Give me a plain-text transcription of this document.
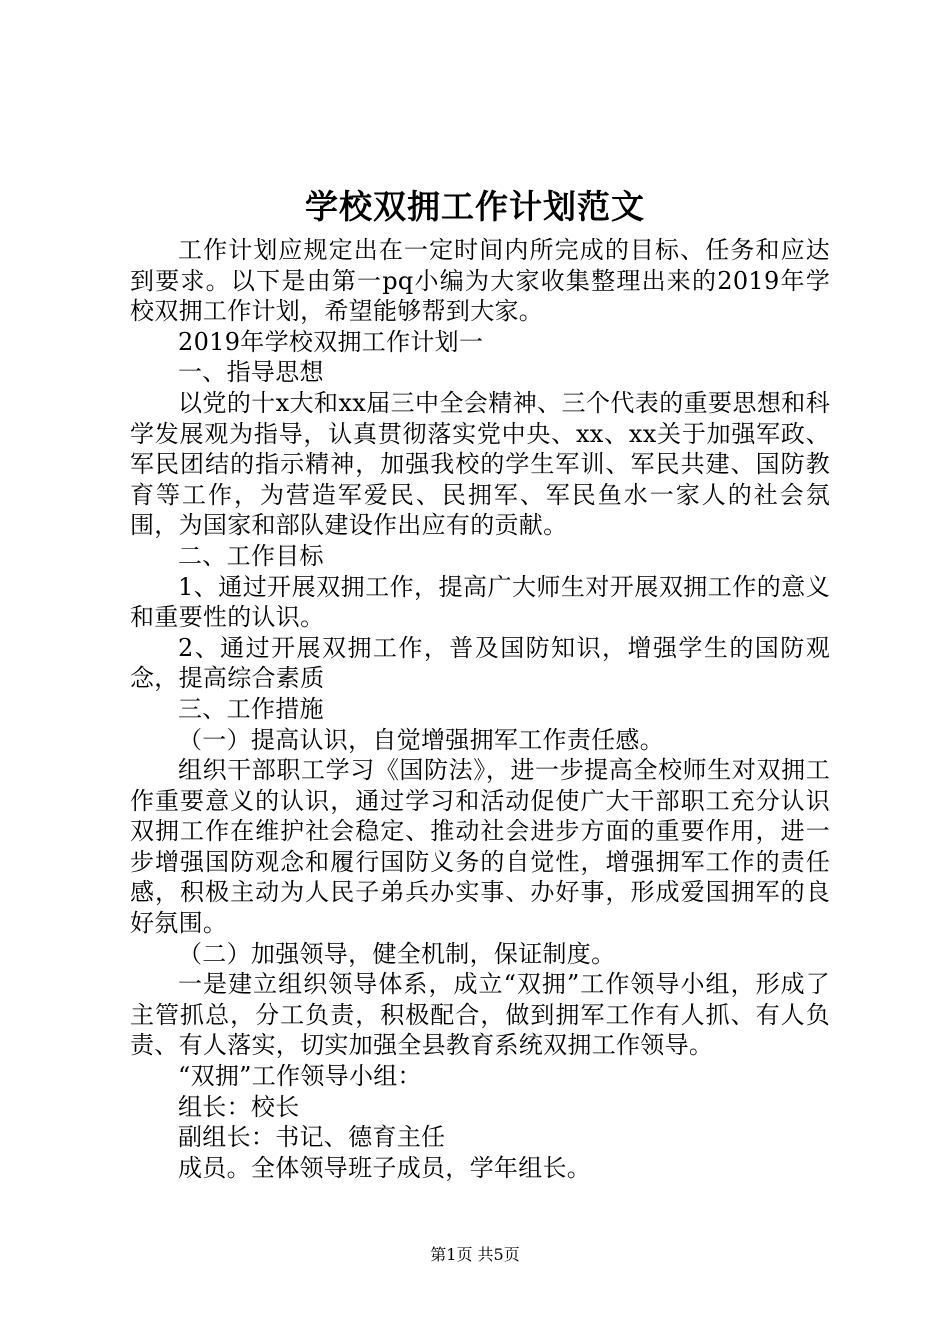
学校双拥工作计划范文

工作计划应规定出在一定时间内所完成的目标、任务和应达到要求。以下是由第一pq小编为大家收集整理出来的2019年学校双拥工作计划，希望能够帮到大家。

2019年学校双拥工作计划一

一、指导思想

以党的十x大和xx届三中全会精神、三个代表的重要思想和科学发展观为指导，认真贯彻落实党中央、xx、xx关于加强军政、军民团结的指示精神，加强我校的学生军训、军民共建、国防教育等工作，为营造军爱民、民拥军、军民鱼水一家人的社会氛围，为国家和部队建设作出应有的贡献。

二、工作目标

1、通过开展双拥工作，提高广大师生对开展双拥工作的意义和重要性的认识。

2、通过开展双拥工作，普及国防知识，增强学生的国防观念，提高综合素质

三、工作措施

（一）提高认识，自觉增强拥军工作责任感。

组织干部职工学习《国防法》，进一步提高全校师生对双拥工作重要意义的认识，通过学习和活动促使广大干部职工充分认识双拥工作在维护社会稳定、推动社会进步方面的重要作用，进一步增强国防观念和履行国防义务的自觉性，增强拥军工作的责任感，积极主动为人民子弟兵办实事、办好事，形成爱国拥军的良好氛围。

（二）加强领导，健全机制，保证制度。

一是建立组织领导体系，成立“双拥”工作领导小组，形成了主管抓总，分工负责，积极配合，做到拥军工作有人抓、有人负责、有人落实，切实加强全县教育系统双拥工作领导。

“双拥”工作领导小组：

组长：校长

副组长：书记、德育主任

成员。全体领导班子成员，学年组长。

第1页 共5页
